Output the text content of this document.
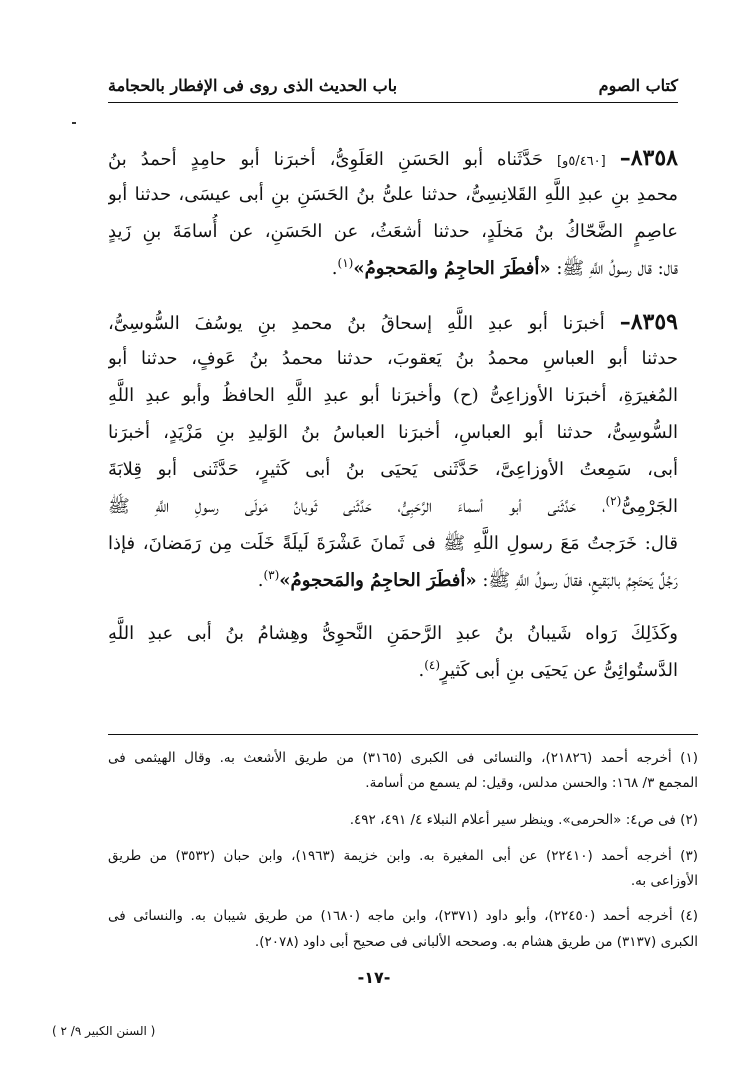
كتاب الصوم
باب الحديث الذى روى فى الإفطار بالحجامة
٨٣٥٨– [٥/٤٦٠و] حَدَّثَناه أبو الحَسَنِ العَلَوِىُّ، أخبرَنا أبو حامِدٍ أحمدُ بنُ
محمدِ بنِ عبدِ اللَّهِ القَلانِسِىُّ، حدثنا علىُّ بنُ الحَسَنِ بنِ أبى عيسَى، حدثنا أبو
عاصِمٍ الضَّحّاكُ بنُ مَخلَدٍ، حدثنا أشعَثُ، عن الحَسَنِ، عن أُسامَةَ بنِ زَيدٍ
قال: قال رسولُ اللَّهِ ﷺ: «أفطَرَ الحاجِمُ والمَحجومُ»$^{(١)}$.
٨٣٥٩– أخبرَنا أبو عبدِ اللَّهِ إسحاقُ بنُ محمدِ بنِ يوسُفَ السُّوسِىُّ،
حدثنا أبو العباسِ محمدُ بنُ يَعقوبَ، حدثنا محمدُ بنُ عَوفٍ، حدثنا أبو
المُغيرَةِ، أخبرَنا الأوزاعِىُّ (ح) وأخبرَنا أبو عبدِ اللَّهِ الحافظُ وأبو عبدِ اللَّهِ
السُّوسِىُّ، حدثنا أبو العباسِ، أخبرَنا العباسُ بنُ الوَليدِ بنِ مَزْيَدٍ، أخبرَنا
أبى، سَمِعتُ الأوزاعِىَّ، حَدَّثَنى يَحيَى بنُ أبى كَثيرٍ، حَدَّثَنى أبو قِلابَةَ
الجَرْمِىُّ$^{(٢)}$، حَدَّثَنى أبو أسماءَ الرَّحَبِىُّ، حَدَّثَنى ثَوبانُ مَولَى رسولِ اللَّهِ ﷺ
قال: خَرَجتُ مَعَ رسولِ اللَّهِ ﷺ فى ثَمانَ عَشْرَةَ لَيلَةً خَلَت مِن رَمَضانَ، فإذا
رَجُلٌ يَحتَجِمُ بالبَقيعِ، فقالَ رسولُ اللَّهِ ﷺ: «أفطَرَ الحاجِمُ والمَحجومُ»$^{(٣)}$.
وكَذَلِكَ رَواه شَيبانُ بنُ عبدِ الرَّحمَنِ النَّحوِىُّ وهِشامُ بنُ أبى عبدِ اللَّهِ
الدَّستُوائِىُّ عن يَحيَى بنِ أبى كَثيرٍ$^{(٤)}$.
(١) أخرجه أحمد (٢١٨٢٦)، والنسائى فى الكبرى (٣١٦٥) من طريق الأشعث به. وقال الهيثمى فى
المجمع ٣/ ١٦٨: والحسن مدلس، وقيل: لم يسمع من أسامة.
(٢) فى ص٤: «الحرمى». وينظر سير أعلام النبلاء ٤/ ٤٩١، ٤٩٢.
(٣) أخرجه أحمد (٢٢٤١٠) عن أبى المغيرة به. وابن خزيمة (١٩٦٣)، وابن حبان (٣٥٣٢) من طريق
الأوزاعى به.
(٤) أخرجه أحمد (٢٢٤٥٠)، وأبو داود (٢٣٧١)، وابن ماجه (١٦٨٠) من طريق شيبان به. والنسائى فى
الكبرى (٣١٣٧) من طريق هشام به. وصححه الألبانى فى صحيح أبى داود (٢٠٧٨).
-١٧-
( السنن الكبير ٩/ ٢ )
